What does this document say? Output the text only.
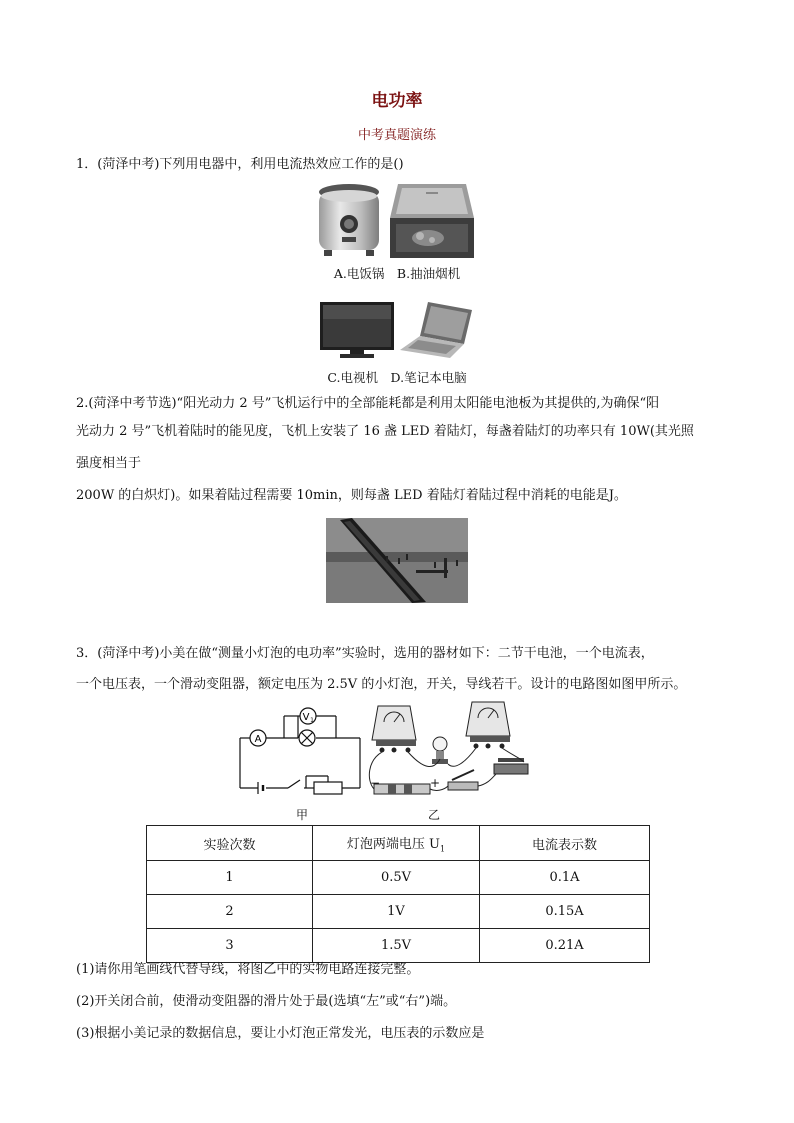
电功率
中考真题演练
1．(菏泽中考)下列用电器中，利用电流热效应工作的是()
A.电饭锅　B.抽油烟机
C.电视机　D.笔记本电脑
2.(菏泽中考节选)“阳光动力 2 号”飞机运行中的全部能耗都是利用太阳能电池板为其提供的,为确保“阳
光动力 2 号”飞机着陆时的能见度，飞机上安装了 16 盏 LED 着陆灯，每盏着陆灯的功率只有 10W(其光照
强度相当于
200W 的白炽灯)。如果着陆过程需要 10min，则每盏 LED 着陆灯着陆过程中消耗的电能是J。
3．(菏泽中考)小美在做“测量小灯泡的电功率”实验时，选用的器材如下：二节干电池，一个电流表，
一个电压表，一个滑动变阻器，额定电压为 2.5V 的小灯泡，开关，导线若干。设计的电路图如图甲所示。
A
V 1
甲
−	+
乙
实验次数	灯泡两端电压 $U_1$	电流表示数
1	0.5V	0.1A
2	1V	0.15A
3	1.5V	0.21A
(1)请你用笔画线代替导线，将图乙中的实物电路连接完整。
(2)开关闭合前，使滑动变阻器的滑片处于最(选填“左”或“右”)端。
(3)根据小美记录的数据信息，要让小灯泡正常发光，电压表的示数应是
